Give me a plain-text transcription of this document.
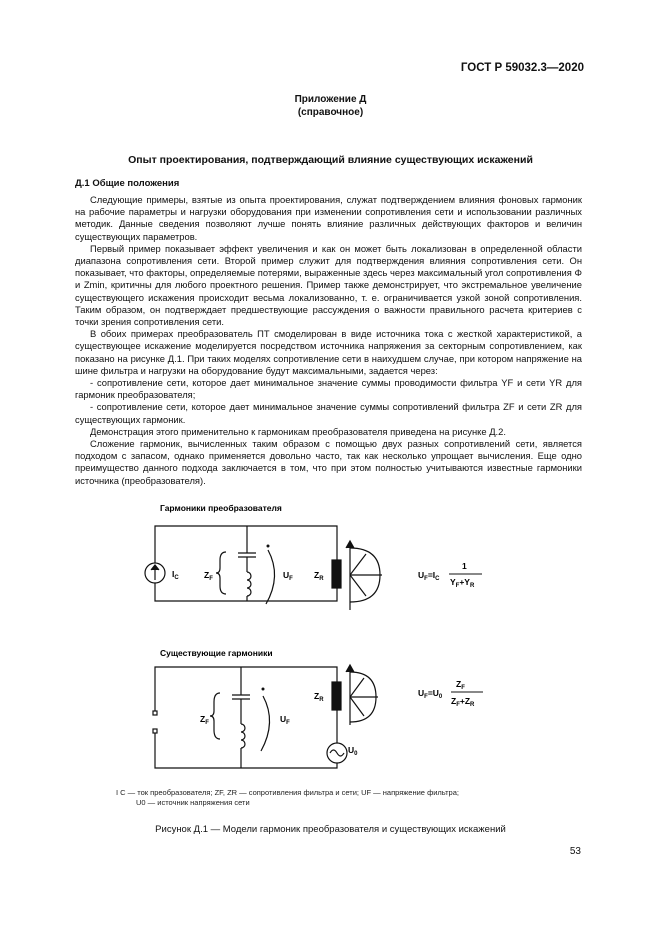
ГОСТ Р 59032.3—2020
Приложение Д
(справочное)
Опыт проектирования, подтверждающий влияние существующих искажений
Д.1 Общие положения

Следующие примеры, взятые из опыта проектирования, служат подтверждением влияния фоновых гармоник на рабочие параметры и нагрузки оборудования при изменении сопротивления сети и использовании различных методик. Данные сведения позволяют лучше понять влияние различных действующих факторов и величин существующих параметров.

Первый пример показывает эффект увеличения и как он может быть локализован в определенной области диапазона сопротивления сети. Второй пример служит для подтверждения влияния сопротивления сети. Он показывает, что факторы, определяемые потерями, выраженные здесь через максимальный угол сопротивления Φ и Zmin, критичны для любого проектного решения. Пример также демонстрирует, что экстремальное увеличение существующего искажения происходит весьма локализованно, т. е. ограничивается узкой зоной сопротивления. Таким образом, он подтверждает предшествующие рассуждения о важности правильного расчета критериев с точки зрения сопротивления сети.

В обоих примерах преобразователь ПТ смоделирован в виде источника тока с жесткой характеристикой, а существующее искажение моделируется посредством источника напряжения за секторным сопротивлением, как показано на рисунке Д.1. При таких моделях сопротивление сети в наихудшем случае, при котором напряжение на шине фильтра и нагрузки на оборудование будут максимальными, задается через:

- сопротивление сети, которое дает минимальное значение суммы проводимости фильтра YF и сети YR для гармоник преобразователя;

- сопротивление сети, которое дает минимальное значение суммы сопротивлений фильтра ZF и сети ZR для существующих гармоник.

Демонстрация этого применительно к гармоникам преобразователя приведена на рисунке Д.2.

Сложение гармоник, вычисленных таким образом с помощью двух разных сопротивлений сети, является подходом с запасом, однако применяется довольно часто, так как несколько упрощает вычисления. Еще одно преимущество данного подхода заключается в том, что при этом полностью учитываются известные гармоники источника (преобразователя).

Гармоники преобразователя
$I_C$	$Z_F$	$U_F$ $Z_R$	$U_F=I_C$
1
$Y_F+Y_R$
Существующие гармоники
$Z_F$	$U_F$
$Z_R$
$U_0$
$U_F=U_0$
$Z_F$
$Z_F+Z_R$
I C — ток преобразователя; ZF, ZR — сопротивления фильтра и сети; UF — напряжение фильтра;
U0 — источник напряжения сети
Рисунок Д.1 — Модели гармоник преобразователя и существующих искажений
53
